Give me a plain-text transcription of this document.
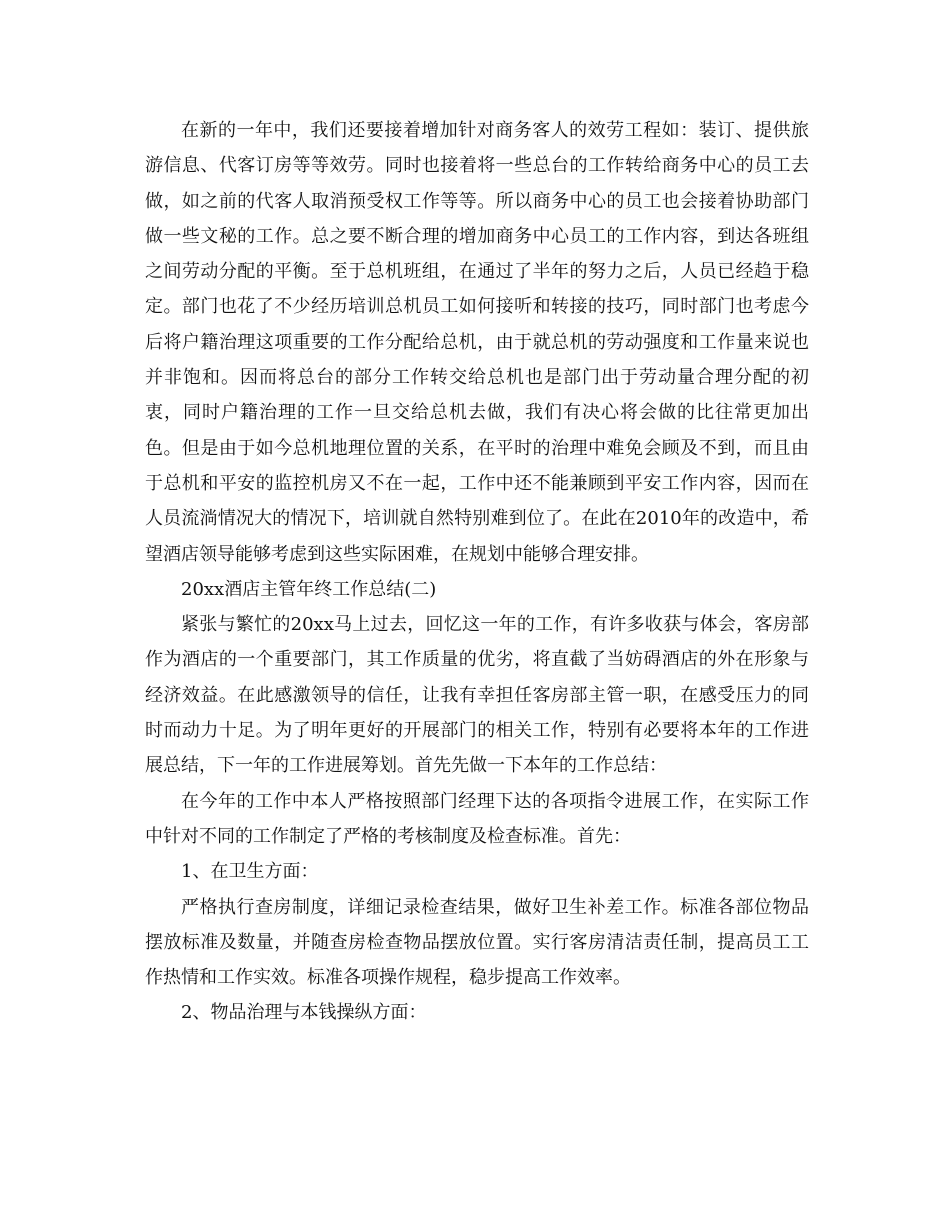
在新的一年中，我们还要接着增加针对商务客人的效劳工程如：装订、提供旅游信息、代客订房等等效劳。同时也接着将一些总台的工作转给商务中心的员工去做，如之前的代客人取消预受权工作等等。所以商务中心的员工也会接着协助部门做一些文秘的工作。总之要不断合理的增加商务中心员工的工作内容，到达各班组之间劳动分配的平衡。至于总机班组，在通过了半年的努力之后，人员已经趋于稳定。部门也花了不少经历培训总机员工如何接听和转接的技巧，同时部门也考虑今后将户籍治理这项重要的工作分配给总机，由于就总机的劳动强度和工作量来说也并非饱和。因而将总台的部分工作转交给总机也是部门出于劳动量合理分配的初衷，同时户籍治理的工作一旦交给总机去做，我们有决心将会做的比往常更加出色。但是由于如今总机地理位置的关系，在平时的治理中难免会顾及不到，而且由于总机和平安的监控机房又不在一起，工作中还不能兼顾到平安工作内容，因而在人员流淌情况大的情况下，培训就自然特别难到位了。在此在2010年的改造中，希望酒店领导能够考虑到这些实际困难，在规划中能够合理安排。

20xx酒店主管年终工作总结(二)

紧张与繁忙的20xx马上过去，回忆这一年的工作，有许多收获与体会，客房部作为酒店的一个重要部门，其工作质量的优劣，将直截了当妨碍酒店的外在形象与经济效益。在此感激领导的信任，让我有幸担任客房部主管一职，在感受压力的同时而动力十足。为了明年更好的开展部门的相关工作，特别有必要将本年的工作进展总结，下一年的工作进展筹划。首先先做一下本年的工作总结：

在今年的工作中本人严格按照部门经理下达的各项指令进展工作，在实际工作中针对不同的工作制定了严格的考核制度及检查标准。首先：

1、在卫生方面：

严格执行查房制度，详细记录检查结果，做好卫生补差工作。标准各部位物品摆放标准及数量，并随查房检查物品摆放位置。实行客房清洁责任制，提高员工工作热情和工作实效。标准各项操作规程，稳步提高工作效率。

2、物品治理与本钱操纵方面：
